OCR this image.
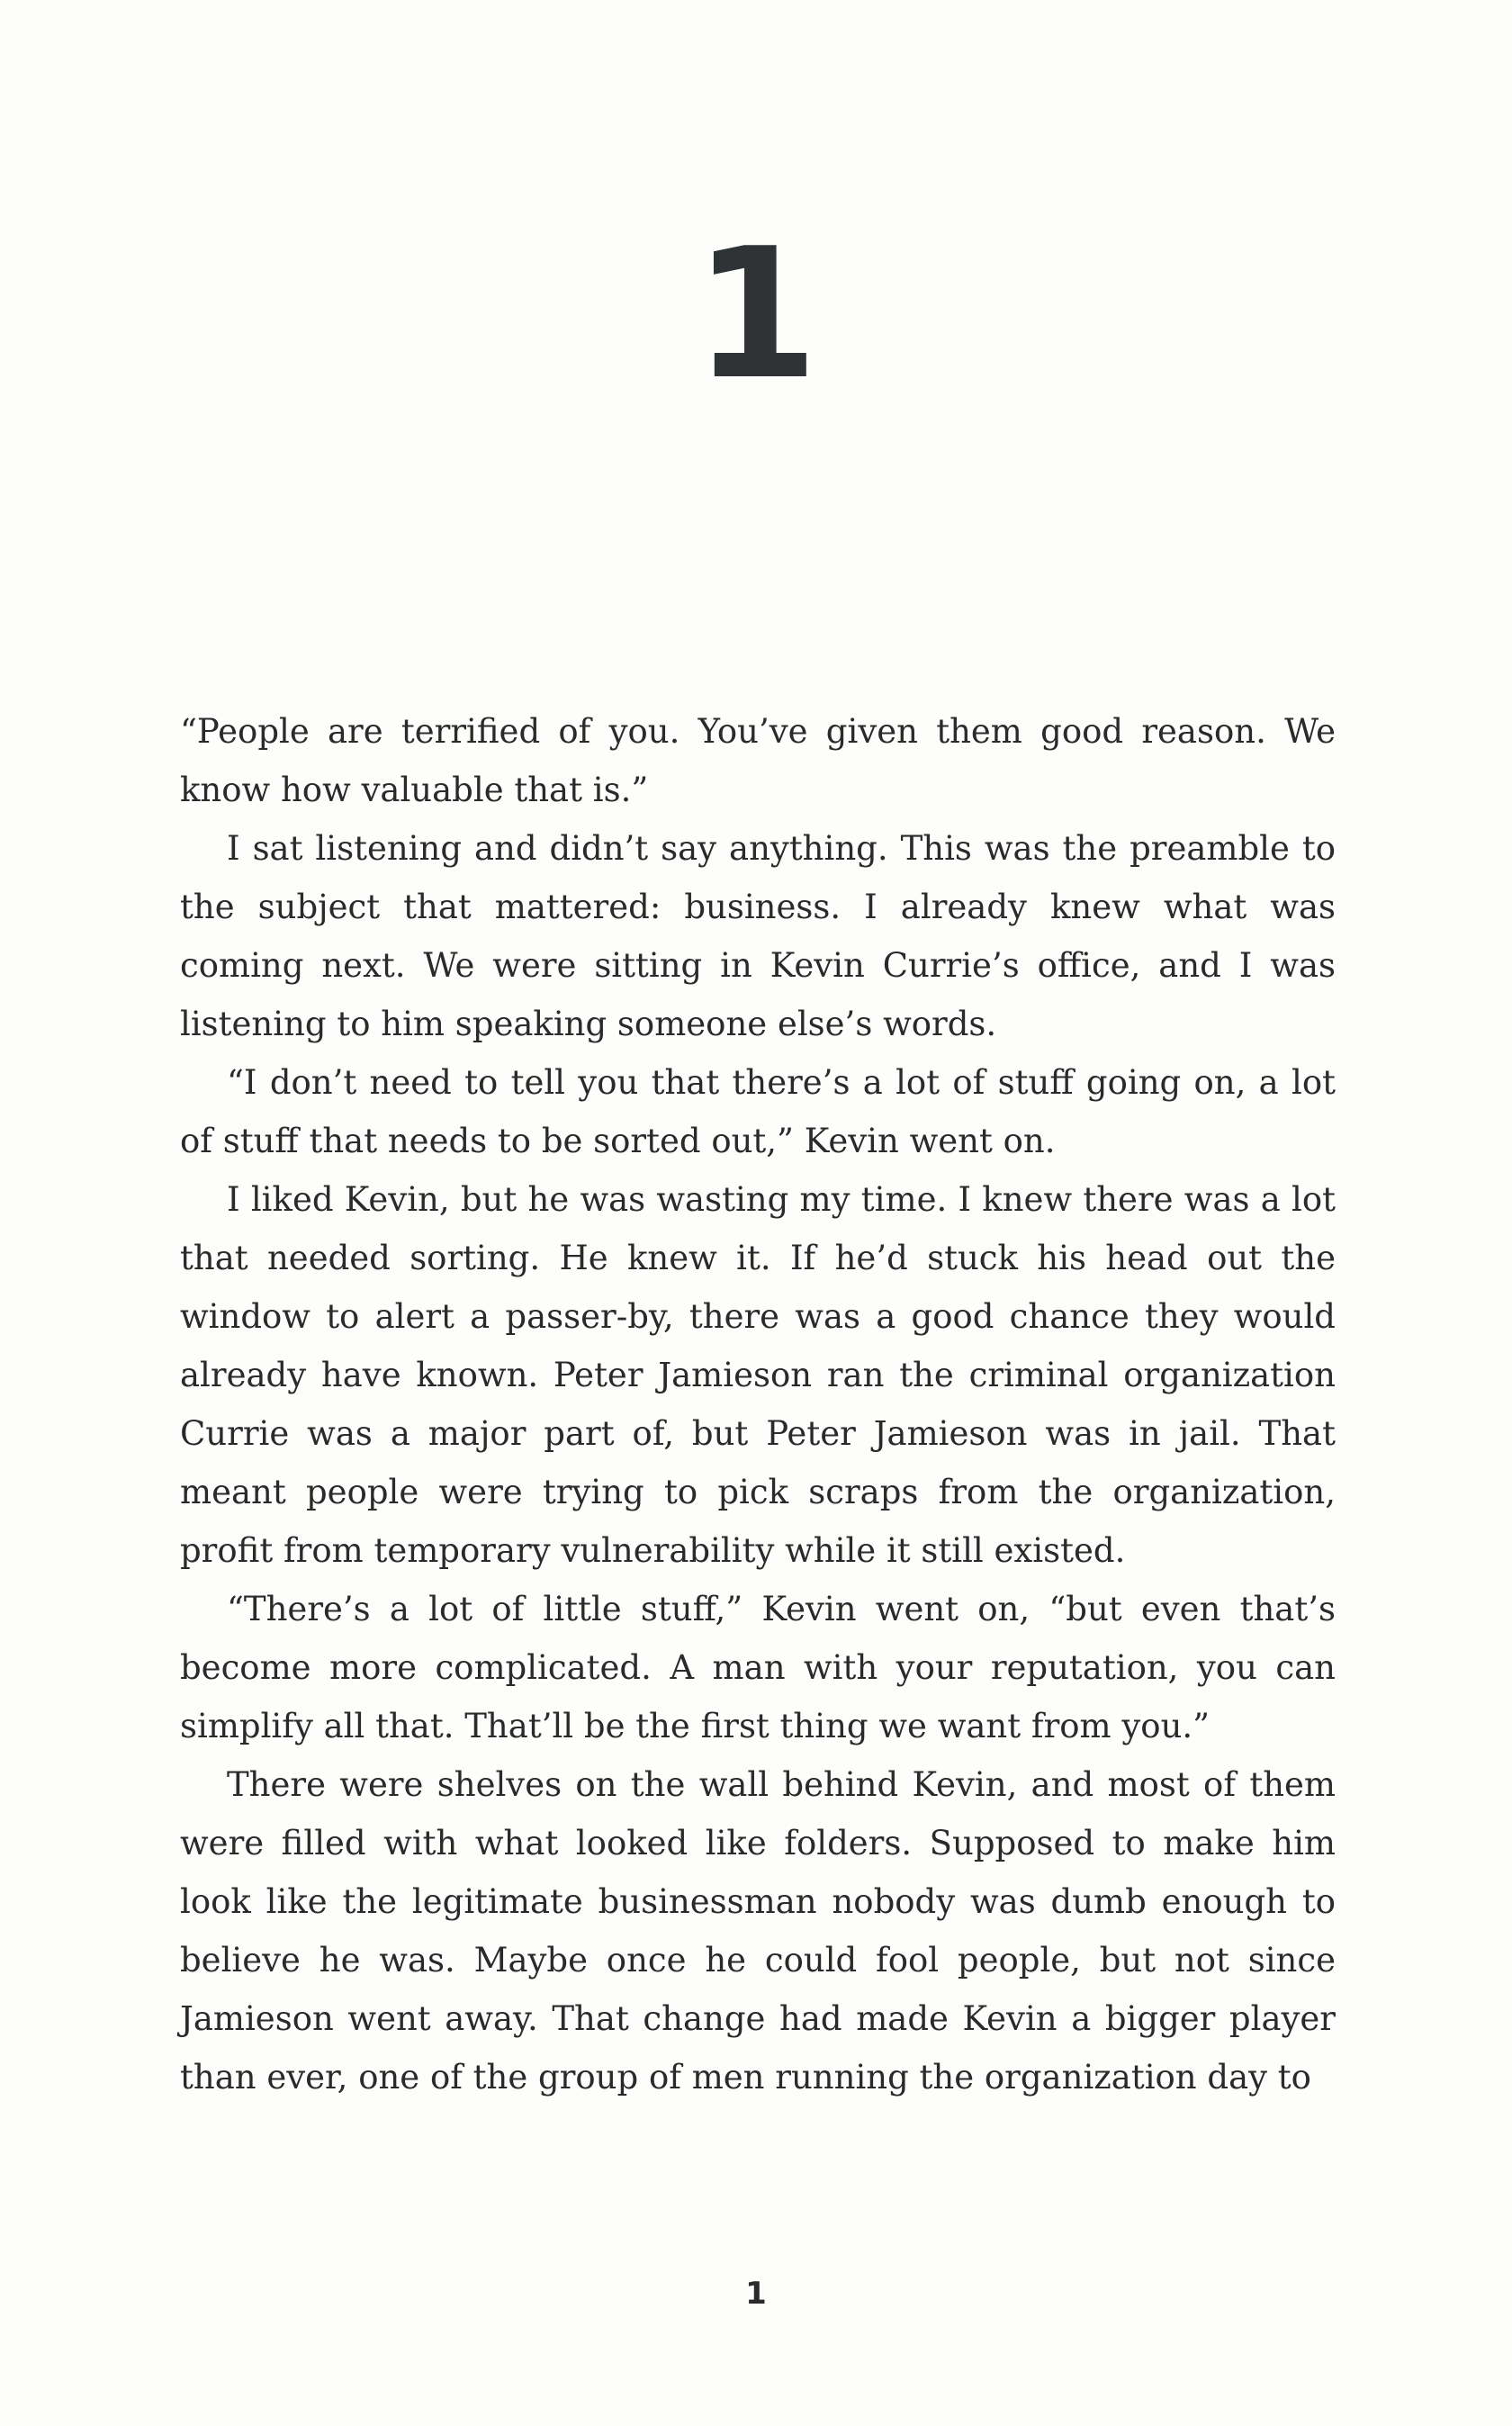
1

“People are terrified of you. You’ve given them good reason. We know how valuable that is.”

I sat listening and didn’t say anything. This was the preamble to the subject that mattered: business. I already knew what was coming next. We were sitting in Kevin Currie’s office, and I was listening to him speaking someone else’s words.

“I don’t need to tell you that there’s a lot of stuff going on, a lot of stuff that needs to be sorted out,” Kevin went on.

I liked Kevin, but he was wasting my time. I knew there was a lot that needed sorting. He knew it. If he’d stuck his head out the window to alert a passer-by, there was a good chance they would already have known. Peter Jamieson ran the criminal organization Currie was a major part of, but Peter Jamieson was in jail. That meant people were trying to pick scraps from the organization, profit from temporary vulnerability while it still existed.

“There’s a lot of little stuff,” Kevin went on, “but even that’s become more complicated. A man with your reputation, you can simplify all that. That’ll be the first thing we want from you.”

There were shelves on the wall behind Kevin, and most of them were filled with what looked like folders. Supposed to make him look like the legitimate businessman nobody was dumb enough to believe he was. Maybe once he could fool people, but not since Jamieson went away. That change had made Kevin a bigger player than ever, one of the group of men running the organization day to

1
